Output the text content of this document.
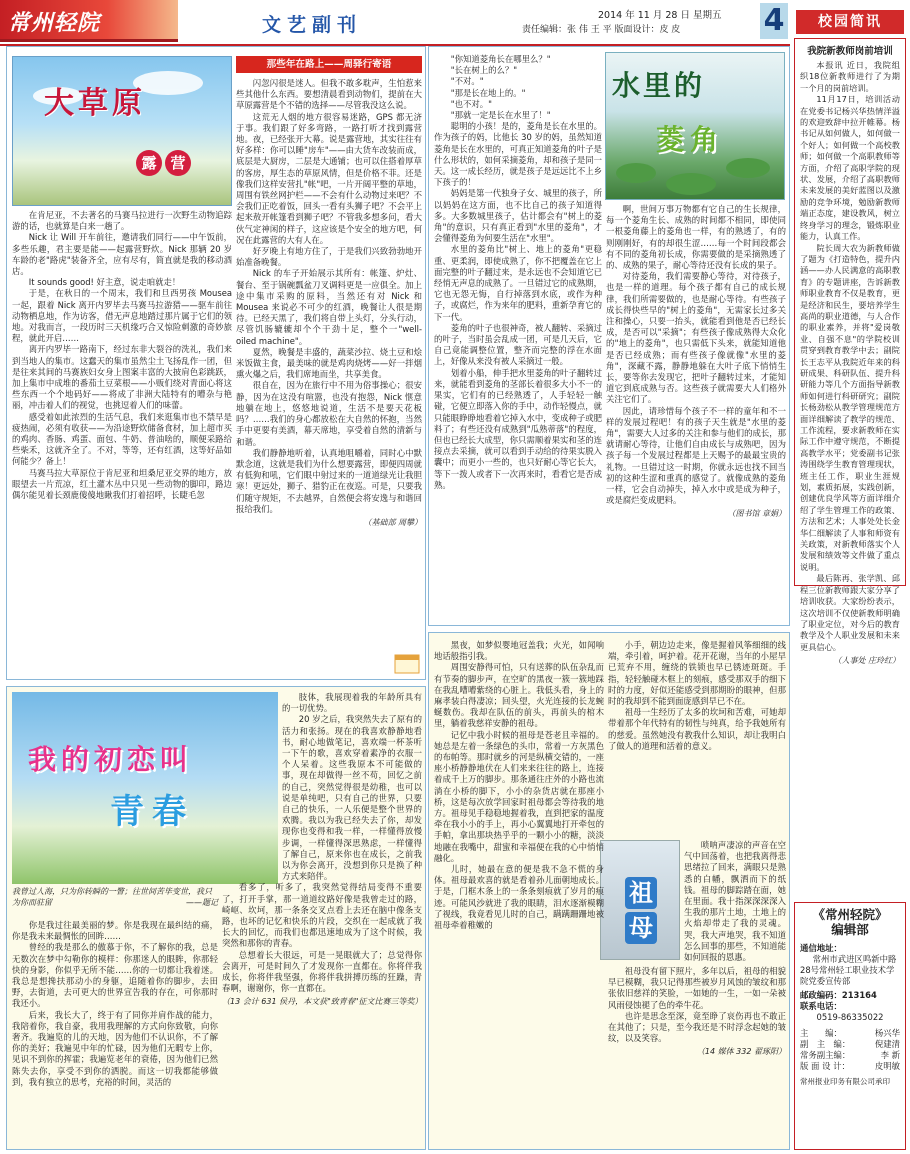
常州轻院	文艺副刊	2014 年 11 月 28 日 星期五
责任编辑：张 伟 王 平 版面设计：皮 皮	4	校园简讯
我院新教师岗前培训

本报讯 近日，我院组织18位新教师进行了为期一个月的岗前培训。

11月17日，培训活动在党委书记杨兴华热情洋溢的欢迎致辞中拉开帷幕。杨书记从如何做人，如何做一个好人；如何做一个高校教师；如何做一个高职教师等方面，介绍了高职学院的现状、发展，介绍了高职教师未来发展的美好蓝图以及激励的竞争环境，勉励新教师端正态度，建设教风，树立终身学习的理念，锻炼职业能力，认真工作。

院长周大农为新教师做了题为《打造特色，提升内涵——办人民满意的高职教育》的专题讲座，告诉新教师职业教育不仅是教育，更是经济和民生，要培养学生高尚的职业道德，与人合作的职业素养，并将"爱岗敬业、自强不息"的学院校训贯穿到教育教学中去；副院长王志平从我院近年来的科研成果、科研队伍、提升科研能力等几个方面指导新教师如何进行科研研究；副院长杨劲松从教学管理规范方面详细解读了教学的规范、工作流程，要求新教师在实际工作中遵守规范，不断提高教学水平；党委副书记张涛围绕学生教育管理现状，班主任工作，职业生涯规划，素质拓展，实践创新，创建优良学风等方面详细介绍了学生管理工作的政策、方法和艺术；人事处处长金华仁细解读了人事和师资有关政策，对新教师落实个人发展和绩效等文件做了重点说明。

最后陈再、张学凯、邱程三位新教师跟大家分享了培训收获。大家纷纷表示，这次培训不仅使新教师明确了职业定位，对今后的教育教学及个人职业发展和未来更具信心。

（人事处 庄玲红）
《常州轻院》
编辑部
通信地址：
常州市武进区鸣新中路28号常州轻工职业技术学院党委宣传部
邮政编码：213164
联系电话：
0519-86335022
主　　编：	杨兴华
副　主　编：	倪建清
常务副主编：	李 新
版 面 设 计：	皮明敏
常州报业印务有限公司承印
大草原
露 营
那些年在路上——周驿行寄语

在肯尼亚，不去著名的马赛马拉进行一次野生动物追踪游的话，也就算是白来一趟了。

Nick 让 Will 开车前往，邀请我们同行——中午饭前，多些乐趣，君主要是能——起露营野炊。Nick 那辆 20 岁车龄的老"路虎"装备齐全，应有尽有，简直就是我的移动酒店。

It sounds good! 好主意，说走咱就走！

于是，在秋日的一个周末，我们和旦西男孩 Mousea 一起，跟着 Nick 离开内罗毕去马赛马拉游猎——驱车前往动物栖息地，作为访客，借无声息地踏过那片属于它们的领地。对我而言，一段历时三天机缘巧合又惊险刺激的奇妙旅程，就此开启……

离开内罗毕一路南下，经过东非大裂谷的洗礼，我们来到当地人的集市。这蠢天的集市虽然尘土飞扬乱作一团，但是往来其间的马赛族妇女身上图案丰富的大披肩色彩跳跃，加上集市中成堆的番茄土豆菜根——小贩们绕对青面心将这些东西一个个地码好——将成了非洲大陆特有的嘈杂与艳丽，冲击着人们的视觉，也挑逗着人们的味蕾。

感受着如此浓烈的生活气息，我们来逛集市也不禁早是疲热闹，必须有收获——为沿途野炊储备食材，加上超市买的鸡肉、香肠、鸡蛋、面包、牛奶、普油啥的，顺便采路给些柴禾，这就齐全了。不对，等等，还有红酒，这等好品如何能少？备上！

马赛马拉大草原位于肯尼亚和坦桑尼亚交界的地方，放眼望去一片荒凉，红土灌木丛中只见一些动物的脚印，路边偶尔能见着长颈鹿傻傻地瞅我们打着招呼，长睫毛忽

闪忽闪很是迷人。但我不敢多耽声，生怕惹来些其他什么东西。要想清晨看到动物们，提前在大草原露营是个不错的选择——尽管我没这么说。

这荒无人烟的地方很容易迷路，GPS 都无济于事。我们跟了好多弯路，一路打听才找到露营地。夜，已经张开大幕。说是露营地，其实往往有好多样：你可以睡"房车"——由大货车改装而成，底层是大厨房，二层是大通铺；也可以住搭着厚草的客房，厚生态的草原风情，但是价格不菲。还是像我们这样安营扎"帐"吧，一片开阔平整的草地，周围有铁丝网护栏——不会有什么动物过来吧？不会我们正吃着饭，回头一看有头狮子吧？不会平上起来敖开帐篷看到狮子吧？不管我多想多问，看大伙气定神闲的样子，这应该是个安全的地方吧，何况在此露营的大有人在。

好歹晚上有地方住了，于是我们兴致勃勃地开始准备晚餐。

Nick 的车子开始展示其所有：帐篷、炉灶、餐台、至于锅碗瓢盆刀叉调料更是一应俱全。加上途中集市采购的原料，当然还有对 Nick 和 Mousea 来说必不可少的红酒，晚餐让人很是期待。已经天黑了，我们将自带上头灯，分头行动，尽管饥肠辘辘却个个干劲十足，整个一"well-oiled machine"。

夏然，晚餐是丰盛的，蔬菜沙拉、烧土豆和烩米饭做主食，最美味的就是鸡肉烧烤——好一拌烟熏火爆之后，我们席地而坐，共享美食。

很自在，因为在旅行中不用为俗事操心；很安静，因为在这没有喧嚣，也没有抱怨，Nick 惬意地躺在地上，悠悠地说道，生活不是要天花板吗？……我们的身心都放松在大自然的怀抱，当然手中更要有美酒，幕天席地，享受着自然的清新与和谐。

我们静静地听着，认真地咀嚼着，同时心中默默念道，这就是我们为什么想要露营，即便四周就有低狗和吼，它们眼中射过来的一道道绿光让我胆寒！更远处，狮子、猎豹正在夜巡。可是，只要我们随守规矩，不去越界，自然便会将安逸与和谐回报给我们。

（基础部 周攀）
水里的
菱角
"你知道菱角长在哪里么？"
"长在树上的么？"
"不对。"
"那是长在地上的。"
"也不对。"
"那就一定是长在水里了！"

聪明的小孩！是的，菱角是长在水里的。作为孩子的妈，比他长 30 岁的妈，虽然知道菱角是长在水里的，可真正知道菱角的叶子是什么形状的，如何采摘菱角，却和孩子是同一天。这一成长经历，就是孩子是远远比不上乡下孩子的！

妈妈是第一代独身子女、城里的孩子，所以妈妈在这方面，也不比自己的孩子知道得多。大多数城里孩子，估计都会有"树上的菱角"的意识，只有真正看到"水里的菱角"，才会懂得菱角为何要生活在"水里"。

水里的菱角比"树上、地上的菱角"更稳重、更柔润，即使成熟了，你不把覆盖在它上面完整的叶子翻过来，是永远也不会知道它已经悄无声息的成熟了。一旦错过它的成熟期，它也无怨无悔，自行掉落到水底，或作为种子，或腐烂，作为来年的肥料，重新孕育它的下一代。

菱角的叶子也很神奇，被人翻转、采摘过的叶子，当时虽会乱成一团，可是几天后，它自己竟能调整位置，整齐而完整的浮在水面上，好像从来没有被人采摘过一般。

划着小船，伸手把水里菱角的叶子翻转过来，就能看到菱角的茎部长着很多大小不一的果实，它们有的已经熟透了，人手轻轻一触碰，它便立即落入你的手中，动作轻慢点，就只能眼睁睁地看着它掉入水中，变成种子或肥料了；有些还没有成熟到"瓜熟蒂落"的程度，但也已经长大成型，你只需顺着果实和茎的连接点去采摘，就可以看到手动给的待果实脱入囊中；而更小一些的，也只好耐心等它长大，等下一拨人或者下一次再来时，看看它是否成熟。

啊，世间万事万物都有它自己的生长规律，每一个菱角生长、成熟的时间都不相同，即使同一根菱角藤上的菱角也一样，有的熟透了，有的则刚刚好，有的却很生涩……每一个时间段都会有不同的菱角初长成，你需要做的是采摘熟透了的、成熟的果子，耐心等待还没有长成的果子。

对待菱角，我们需要静心等待，对待孩子，也是一样的道理。每个孩子都有自己的成长规律，我们所需要做的，也是耐心等待。有些孩子成长得快些早的"树上的菱角"，无需家长过多关注和操心，只要一抬头，就能看到他是否已经长成，是否可以"采摘"；有些孩子像成熟得大众化的"地上的菱角"，也只需低下头来，就能知道他是否已经成熟；而有些孩子像就像"水里的菱角"，深藏不露，静静地躲在大叶子底下悄悄生长，要等你去发现它，把叶子翻转过来，才能知道它到底成熟与否。这些孩子就需要大人们格外关注它们了。

因此，请珍惜每个孩子不一样的童年和不一样的发展过程吧！有的孩子天生就是"水里的菱角"，需要大人过多的关注和参与他们的成长，那就请耐心等待，让他们自由成长与成熟吧，因为孩子每一个发展过程都是上天赐予的最最宝贵的礼物。一旦错过这一时期，你就永远也找不回当初的这种生涩和重真的感觉了。就像成熟的菱角一样，它会自动掉失，掉入水中或是成为种子，或是腐烂变成肥料。

（图书馆 章娟）
我的初恋叫
青春
我曾过人海，只为你转瞬的一瞥；往世间苦毕变世，我只为你而驻留	——题记

你是我过往最美丽的梦。你是我现在最纠结的痛，你是我未来最惆怅的回眸……

曾经的我是那么的傲慕于你，不了解你的我，总是无数次在梦中勾勒你的模样：你那迷人的眼眸，你那轻快的身影，你似乎无所不能……你的一切都让我着迷。我总是想搀扶那动小的身躯，追随着你的脚步，去田野，去街道，去可更大的世界宣告我的存在，可你那时我还小。

后来，我长大了，终于有了同你并肩作战的能力，我陪着你，我自豪，我用我理解的方式向你致敬，向你奢齐。我遍览的儿的天地，因为他们不认识你，不了解你的美好；我遍见中年的忙碌，因为他们无暇专上你，见识不到你的挥霍；我遍览老年的衰倦，因为他们已然陈失去你，享受不到你的洒脱。而这一切我都能够做到，我有独立的思考，充裕的时间，灵活的

肢体，我展现着我的年龄所具有的一切优势。

20 岁之后，我突然失去了原有的活力和张扬。现在的我喜欢静静地看书，耐心地做笔记，喜欢端一杯茶听一下午的歌，喜欢穿着素净的衣服一个人呆着。这些我原本不可能做的事，现在却做得一丝不苟，回忆之前的自己，突然觉得很是幼稚，也可以说是单纯吧，只有自己的世界，只要自己的快乐，一人乐便是整个世界的欢腾。我以为我已经失去了你，却发现你也变得和我一样，一样懂得放慢步调，一样懂得深思熟虑，一样懂得了解自己，原来你也在成长，之前我以为你会离开，没想到你只是换了种方式来陪伴。

看多了，听多了，我突然觉得结局变得不重要了，打开手掌，那一道道纹路好像是我曾走过的路，崎岖、坎坷，那一条条交叉点看上去还在脑中像条支路，也坏的记忆和快乐的片段，交织在一起成就了我长大的回忆，而我们也都迅速地成为了这个时候，我突然和那你的青春。

总想着长大很远，可是一晃眼就大了；总觉得你会离开，可是时间久了才发现你一直都在。你将伴我成长，你将伴我坚强，你将伴我拼搏历练的狂躁，青春啊，谢谢你，你一直都在。

（13 会计 631 侯丹，本文获"致青春"征文比赛三等奖）
祖
母

黑夜，如梦似婴地冠盖我；火光，如闻响地话般指引我。

周围安静得可怕，只有送葬的队伍杂乱而有节奏的脚步声，在空旷的黑夜一簇一簇地踩在我乱嘈嘈紫绕的心脏上。我低头看，身上的麻孝装白得凄凉；回头望，火光连接的长龙蜿蜒数伤。我却在队伍的前头，再前头的棺木里，躺着我慈祥安静的祖母。

记忆中我小时候的祖母是苍老且幸福的。她总是左着一条绿色的头巾，常着一方灰黑色的布帕等。那时就乡的河是纵横交错的，一座座小桥静静地伏在人们来来往往的路上，连接着成千上万的脚步。那条通往庄外的小路也流淌在小桥的脚下，小小的杂货店就在那座小桥，这是每次放学回家时祖母都会等待我的地方。祖母见手稳稳地握着我，直到把家的温度牵在我小小的手上，再小心翼翼地打开牵包的手帕，拿出那块热乎乎的一颗小小的糖，淡淡地融在我嘴中，甜蜜和幸福便在我的心中悄悄融化。

儿时，她最在意的便是我不急不慌的身体。祖母最欢喜的就是看着孙儿面朝地成长。于是，门框木条上的一条条刻痕就了岁月的痕迹。可能风沙就进了我的眼睛，泪水逐渐模糊了视线，我竟看见儿时的自己，蹒蹒跚跚地被祖母牵着稚嫩的

小手，朝边边走来，像是握着风筝细细的线端，牵引着，呵护着。花开花谢，当年的小屋早已荒弃不用，缠绕的铁锁也早已锈迹斑斑。手指，轻轻触碰木框上的刻痕，感受那双手的细下时的力度，好似还能感受到那期盼的眼神，但那时的我却到不能到面庞感到早已不在。

祖母一生经历了太多的坎坷和苦难，可她却带着那个年代特有的韧性与纯真，给予我她所有的慈爱。虽然她没有教我什么知识，却让我明白了做人的道理和活着的意义。

唢呐声凄凉的声音在空气中回荡着，也把我离得悲思绪拉了回来，满眼只是熟悉的白幡，飘洒而下的纸钱。祖母的脚踪踏在面，她在里面。我十指深深深深入生我的那片土地，土地上的火焰却带走了我的灵魂。哭，我大声地哭，我不知道怎么回事的那些，不知道能如何回报的恩惠。

祖母没有留下照片，多年以后，祖母的相貌早已模糊，我只记得那些被岁月风蚀的皱纹和那张依旧慈祥的笑脸，一如她的一生，一如一朵被风雨侵蚀褪了色的牵牛花。

也许是思念至深，竟至睁了哀伤再也不敢正在其他了；只是，至今我还是不时浮念起她的皱纹，以及笑容。

（14 媒体 332 翟琢阳）
